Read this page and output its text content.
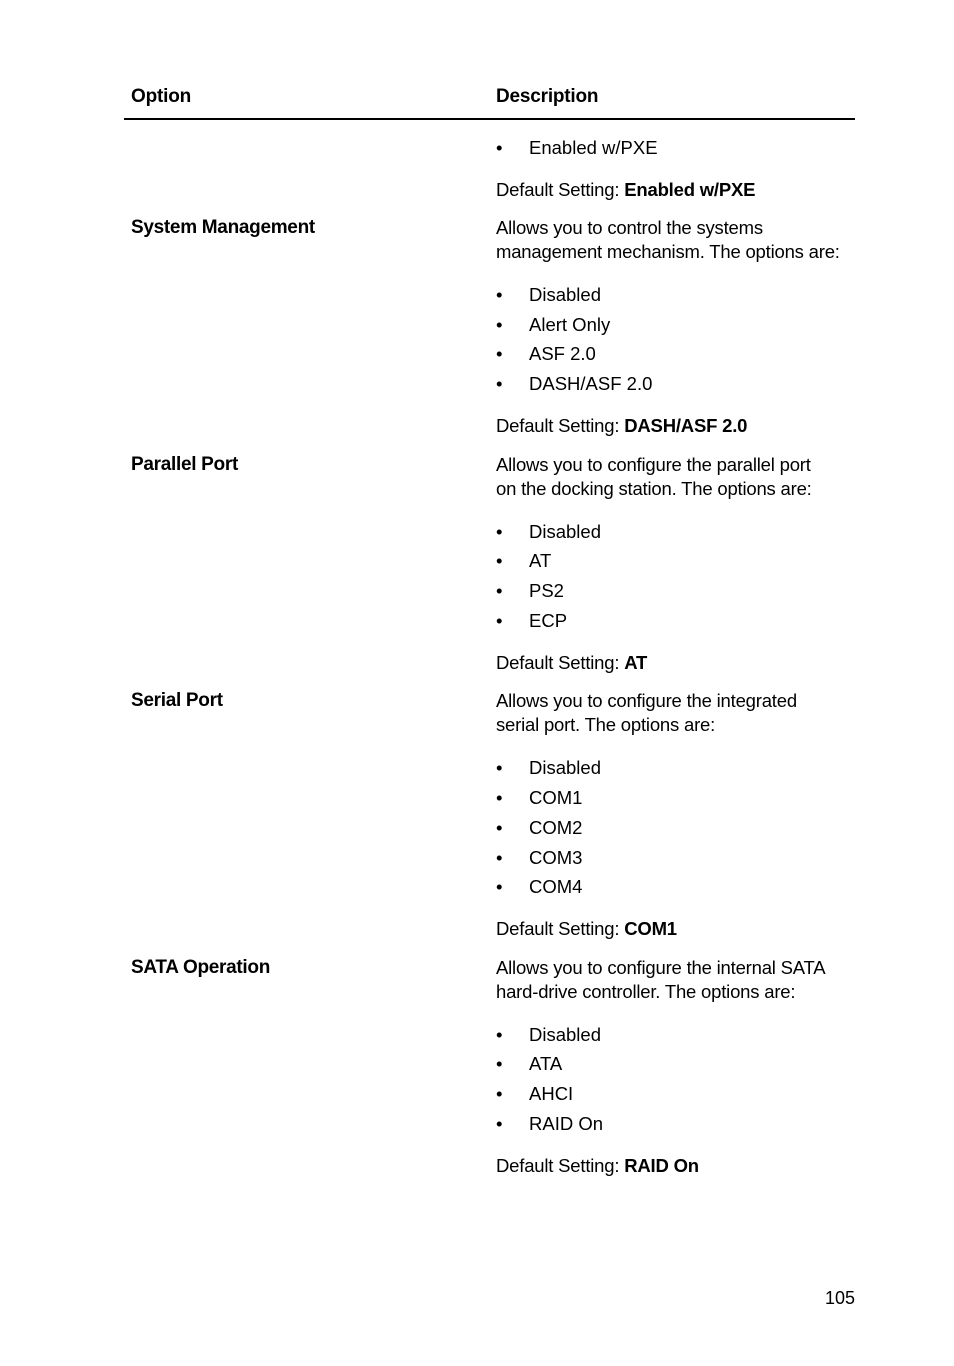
Option	Description
• Enabled w/PXE
Default Setting: Enabled w/PXE
System Management	Allows you to control the systems
management mechanism. The options are:
• Disabled
• Alert Only
• ASF 2.0
• DASH/ASF 2.0
Default Setting: DASH/ASF 2.0
Parallel Port	Allows you to configure the parallel port
on the docking station. The options are:
• Disabled
• AT
• PS2
• ECP
Default Setting: AT
Serial Port	Allows you to configure the integrated
serial port. The options are:
• Disabled
• COM1
• COM2
• COM3
• COM4
Default Setting: COM1
SATA Operation	Allows you to configure the internal SATA
hard-drive controller. The options are:
• Disabled
• ATA
• AHCI
• RAID On
Default Setting: RAID On
105
